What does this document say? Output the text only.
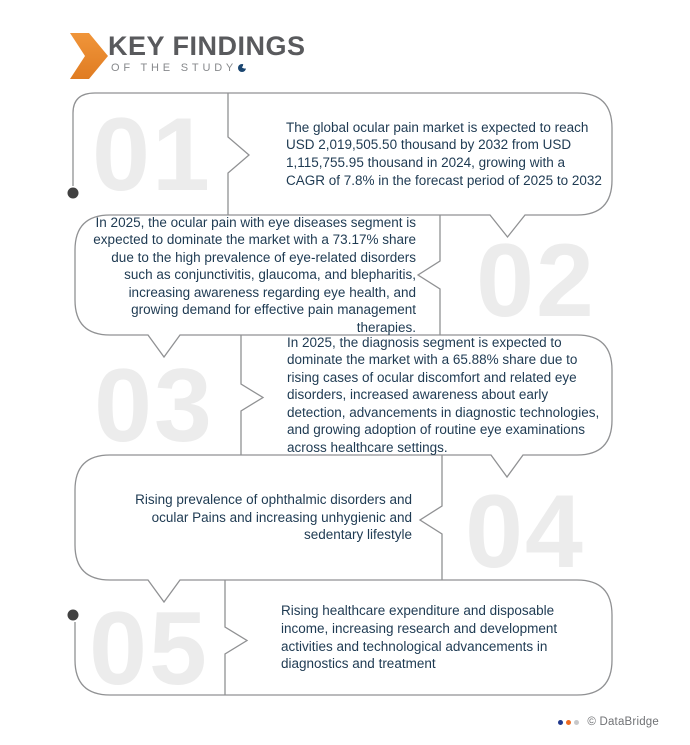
KEY FINDINGS
OF THE STUDY
01
02
03
04
05

The global ocular pain market is expected to reach USD 2,019,505.50 thousand by 2032 from USD 1,115,755.95 thousand in 2024, growing with a CAGR of 7.8% in the forecast period of 2025 to 2032

In 2025, the ocular pain with eye diseases segment is expected to dominate the market with a 73.17% share due to the high prevalence of eye-related disorders such as conjunctivitis, glaucoma, and blepharitis, increasing awareness regarding eye health, and growing demand for effective pain management therapies.

In 2025, the diagnosis segment is expected to dominate the market with a 65.88% share due to rising cases of ocular discomfort and related eye disorders, increased awareness about early detection, advancements in diagnostic technologies, and growing adoption of routine eye examinations across healthcare settings.

Rising prevalence of ophthalmic disorders and ocular Pains and increasing unhygienic and sedentary lifestyle

Rising healthcare expenditure and disposable income, increasing research and development activities and technological advancements in diagnostics and treatment

© DataBridge
